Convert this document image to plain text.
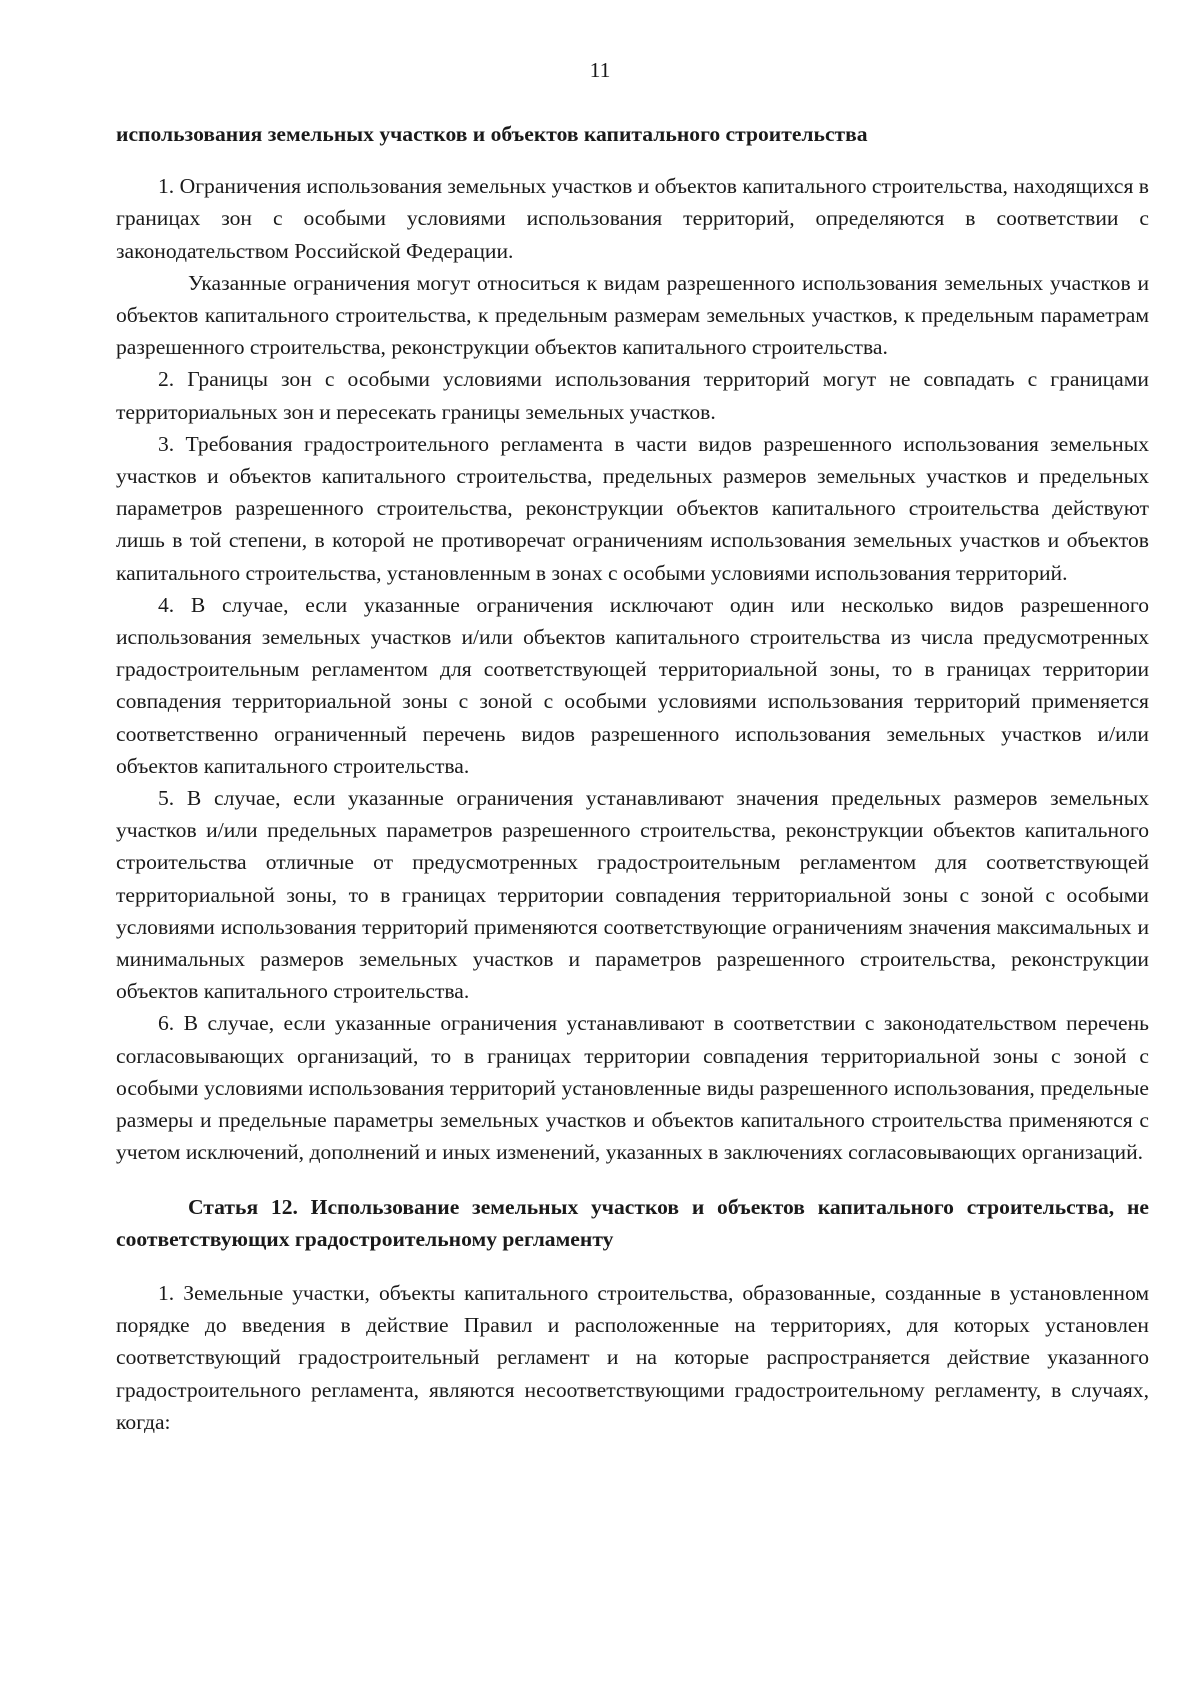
11
использования земельных участков и объектов капитального строительства

1. Ограничения использования земельных участков и объектов капитального строительства, находящихся в границах зон с особыми условиями использования территорий, определяются в соответствии с законодательством Российской Федерации.

Указанные ограничения могут относиться к видам разрешенного использования земельных участков и объектов капитального строительства, к предельным размерам земельных участков, к предельным параметрам разрешенного строительства, реконструкции объектов капитального строительства.

2. Границы зон с особыми условиями использования территорий могут не совпадать с границами территориальных зон и пересекать границы земельных участков.

3. Требования градостроительного регламента в части видов разрешенного использования земельных участков и объектов капитального строительства, предельных размеров земельных участков и предельных параметров разрешенного строительства, реконструкции объектов капитального строительства действуют лишь в той степени, в которой не противоречат ограничениям использования земельных участков и объектов капитального строительства, установленным в зонах с особыми условиями использования территорий.

4. В случае, если указанные ограничения исключают один или несколько видов разрешенного использования земельных участков и/или объектов капитального строительства из числа предусмотренных градостроительным регламентом для соответствующей территориальной зоны, то в границах территории совпадения территориальной зоны с зоной с особыми условиями использования территорий применяется соответственно ограниченный перечень видов разрешенного использования земельных участков и/или объектов капитального строительства.

5. В случае, если указанные ограничения устанавливают значения предельных размеров земельных участков и/или предельных параметров разрешенного строительства, реконструкции объектов капитального строительства отличные от предусмотренных градостроительным регламентом для соответствующей территориальной зоны, то в границах территории совпадения территориальной зоны с зоной с особыми условиями использования территорий применяются соответствующие ограничениям значения максимальных и минимальных размеров земельных участков и параметров разрешенного строительства, реконструкции объектов капитального строительства.

6. В случае, если указанные ограничения устанавливают в соответствии с законодательством перечень согласовывающих организаций, то в границах территории совпадения территориальной зоны с зоной с особыми условиями использования территорий установленные виды разрешенного использования, предельные размеры и предельные параметры земельных участков и объектов капитального строительства применяются с учетом исключений, дополнений и иных изменений, указанных в заключениях согласовывающих организаций.

Статья 12. Использование земельных участков и объектов капитального строительства, не соответствующих градостроительному регламенту

1. Земельные участки, объекты капитального строительства, образованные, созданные в установленном порядке до введения в действие Правил и расположенные на территориях, для которых установлен соответствующий градостроительный регламент и на которые распространяется действие указанного градостроительного регламента, являются несоответствующими градостроительному регламенту, в случаях, когда:
